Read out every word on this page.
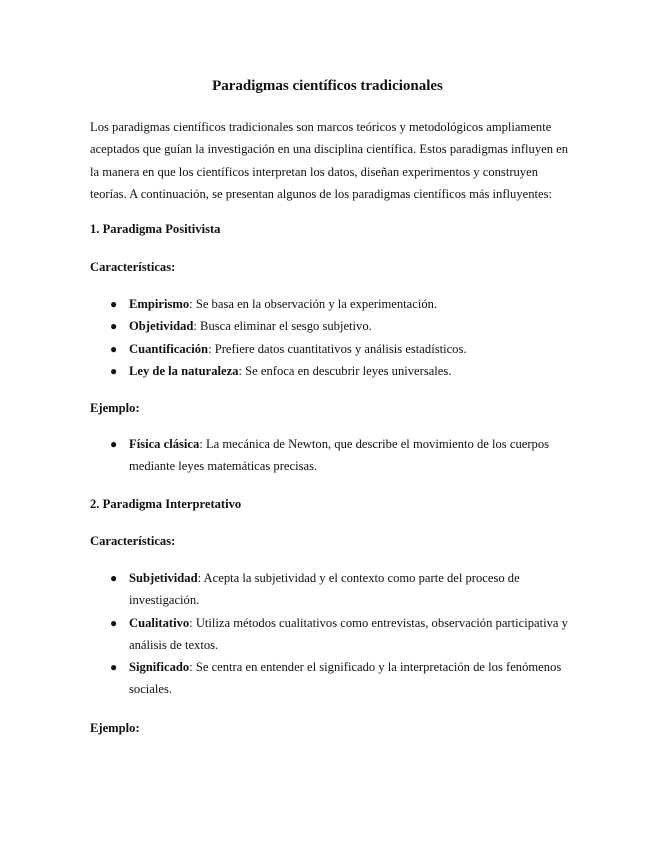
Paradigmas científicos tradicionales

Los paradigmas científicos tradicionales son marcos teóricos y metodológicos ampliamente aceptados que guían la investigación en una disciplina científica. Estos paradigmas influyen en la manera en que los científicos interpretan los datos, diseñan experimentos y construyen teorías. A continuación, se presentan algunos de los paradigmas científicos más influyentes:

1. Paradigma Positivista

Características:

● Empirismo: Se basa en la observación y la experimentación.
● Objetividad: Busca eliminar el sesgo subjetivo.
● Cuantificación: Prefiere datos cuantitativos y análisis estadísticos.
● Ley de la naturaleza: Se enfoca en descubrir leyes universales.

Ejemplo:

● Física clásica: La mecánica de Newton, que describe el movimiento de los cuerpos mediante leyes matemáticas precisas.

2. Paradigma Interpretativo

Características:

● Subjetividad: Acepta la subjetividad y el contexto como parte del proceso de investigación.
● Cualitativo: Utiliza métodos cualitativos como entrevistas, observación participativa y análisis de textos.
● Significado: Se centra en entender el significado y la interpretación de los fenómenos sociales.

Ejemplo:
